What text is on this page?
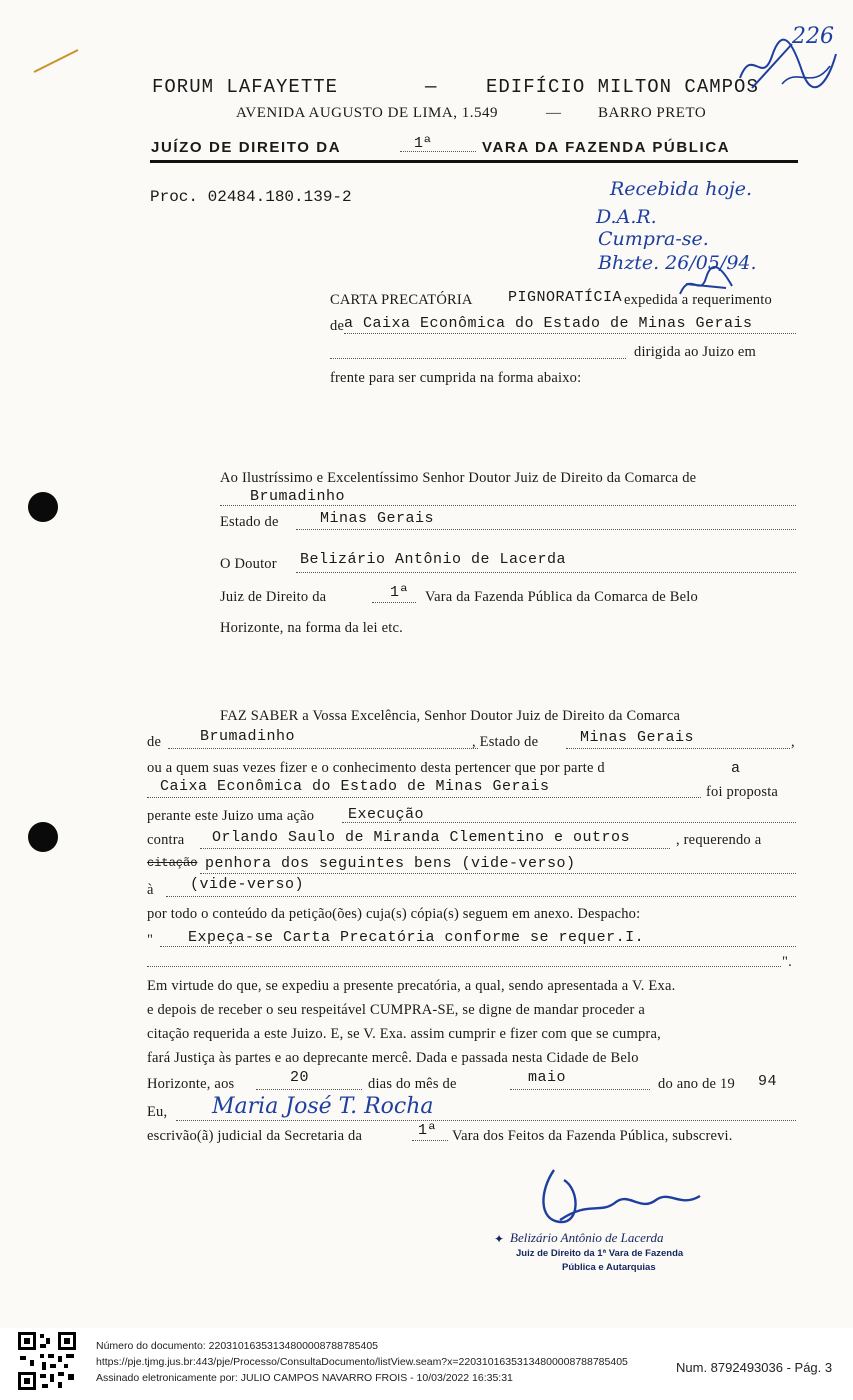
FORUM LAFAYETTE	—	EDIFÍCIO MILTON CAMPOS
AVENIDA AUGUSTO DE LIMA, 1.549	— BARRO PRETO
JUÍZO DE DIREITO DA	1ª	VARA DA FAZENDA PÚBLICA
226
Recebida hoje.
D.A.R.
Cumpra-se.
Bhzte. 26/05/94.
Proc. 02484.180.139-2
CARTA PRECATÓRIA PIGNORATÍCIA expedida a requerimento
de a Caixa Econômica do Estado de Minas Gerais
dirigida ao Juizo em
frente para ser cumprida na forma abaixo:
Ao Ilustríssimo e Excelentíssimo Senhor Doutor Juiz de Direito da Comarca de
Brumadinho
Estado de	Minas Gerais
O Doutor Belizário Antônio de Lacerda
Juiz de Direito da	1ª Vara da Fazenda Pública da Comarca de Belo
Horizonte, na forma da lei etc.
FAZ SABER a Vossa Excelência, Senhor Doutor Juiz de Direito da Comarca
de	Brumadinho	, Estado de	Minas Gerais	,
ou a quem suas vezes fizer e o conhecimento desta pertencer que por parte d	a
Caixa Econômica do Estado de Minas Gerais	foi proposta
perante este Juizo uma ação Execução
contra Orlando Saulo de Miranda Clementino e outros	, requerendo a
citação penhora dos seguintes bens (vide-verso)
à (vide-verso)
por todo o conteúdo da petição(ões) cuja(s) cópia(s) seguem em anexo. Despacho:
" Expeça-se Carta Precatória conforme se requer.I.
".
Em virtude do que, se expediu a presente precatória, a qual, sendo apresentada a V. Exa.
e depois de receber o seu respeitável CUMPRA-SE, se digne de mandar proceder a
citação requerida a este Juizo. E, se V. Exa. assim cumprir e fizer com que se cumpra,
fará Justiça às partes e ao deprecante mercê. Dada e passada nesta Cidade de Belo
Horizonte, aos	20	dias do mês de	maio	do ano de 19 94
Eu, Maria José T. Rocha
escrivão(ã) judicial da Secretaria da	1ª Vara dos Feitos da Fazenda Pública, subscrevi.
✦ Belizário Antônio de Lacerda
Juiz de Direito da 1ª Vara de Fazenda
Pública e Autarquias
Número do documento: 22031016353134800008788785405
https://pje.tjmg.jus.br:443/pje/Processo/ConsultaDocumento/listView.seam?x=22031016353134800008788785405
Assinado eletronicamente por: JULIO CAMPOS NAVARRO FROIS - 10/03/2022 16:35:31
Num. 8792493036 - Pág. 3
